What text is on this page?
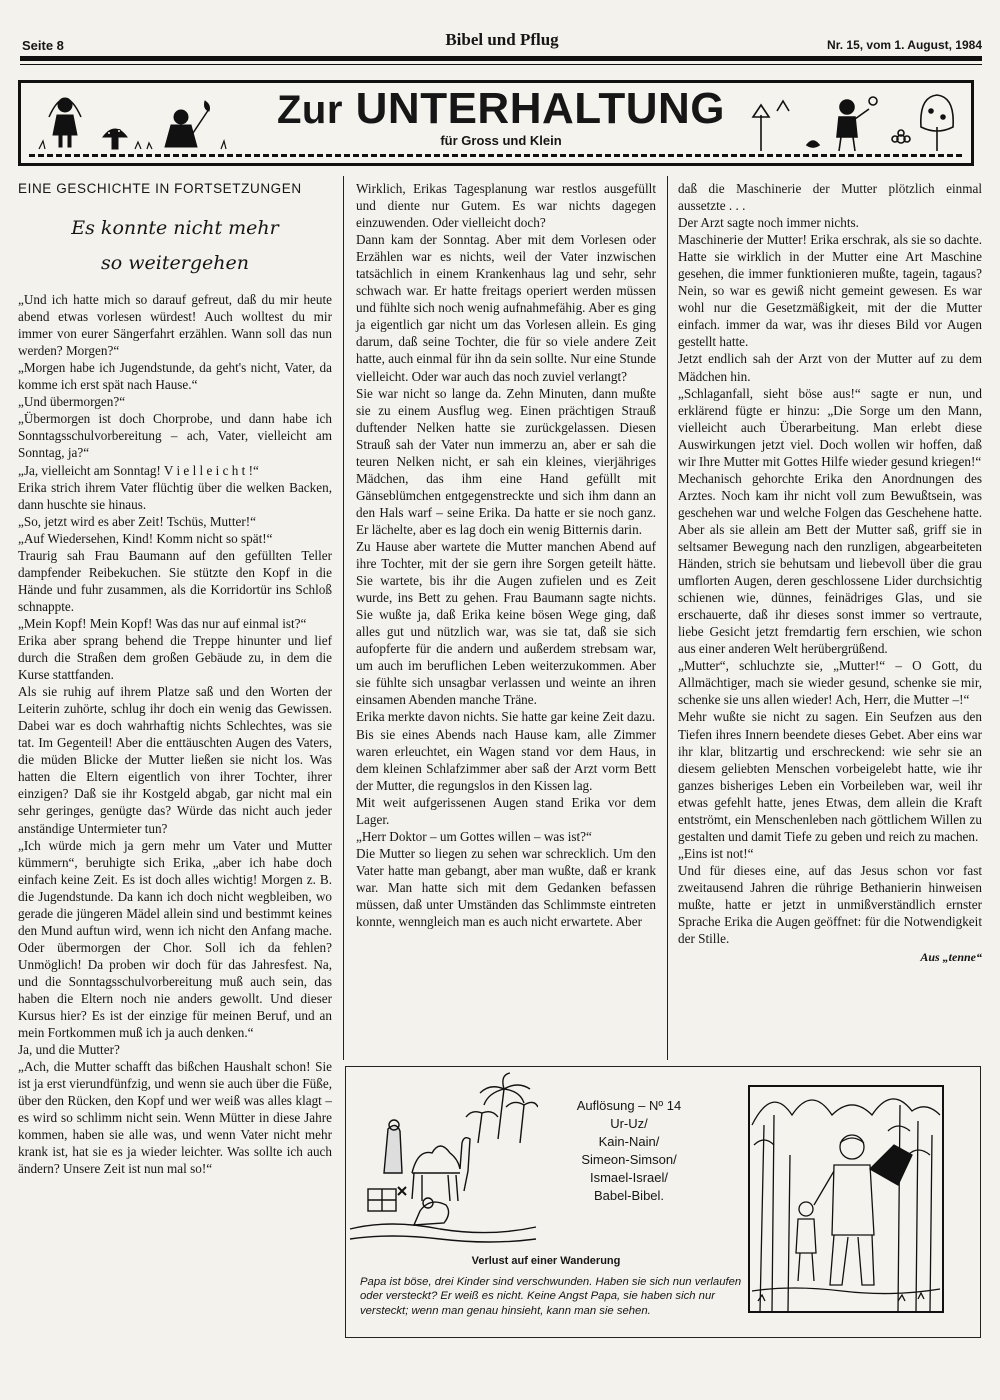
Seite 8	Bibel und Pflug	Nr. 15, vom 1. August, 1984
Zur UNTERHALTUNG
für Gross und Klein
EINE GESCHICHTE IN FORTSETZUNGEN
Es konnte nicht mehr
so weitergehen

„Und ich hatte mich so darauf gefreut, daß du mir heute abend etwas vorlesen würdest! Auch wolltest du mir immer von eurer Sängerfahrt erzählen. Wann soll das nun werden? Morgen?“

„Morgen habe ich Jugendstunde, da geht's nicht, Vater, da komme ich erst spät nach Hause.“

„Und übermorgen?“

„Übermorgen ist doch Chorprobe, und dann habe ich Sonntagsschulvorbereitung – ach, Vater, vielleicht am Sonntag, ja?“

„Ja, vielleicht am Sonntag! V i e l l e i c h t !“

Erika strich ihrem Vater flüchtig über die welken Backen, dann huschte sie hinaus.

„So, jetzt wird es aber Zeit! Tschüs, Mutter!“

„Auf Wiedersehen, Kind! Komm nicht so spät!“

Traurig sah Frau Baumann auf den gefüllten Teller dampfender Reibekuchen. Sie stützte den Kopf in die Hände und fuhr zusammen, als die Korridortür ins Schloß schnappte.

„Mein Kopf! Mein Kopf! Was das nur auf einmal ist?“

Erika aber sprang behend die Treppe hinunter und lief durch die Straßen dem großen Gebäude zu, in dem die Kurse stattfanden.

Als sie ruhig auf ihrem Platze saß und den Worten der Leiterin zuhörte, schlug ihr doch ein wenig das Gewissen. Dabei war es doch wahrhaftig nichts Schlechtes, was sie tat. Im Gegenteil! Aber die enttäuschten Augen des Vaters, die müden Blicke der Mutter ließen sie nicht los. Was hatten die Eltern eigentlich von ihrer Tochter, ihrer einzigen? Daß sie ihr Kostgeld abgab, gar nicht mal ein sehr geringes, genügte das? Würde das nicht auch jeder anständige Untermieter tun?

„Ich würde mich ja gern mehr um Vater und Mutter kümmern“, beruhigte sich Erika, „aber ich habe doch einfach keine Zeit. Es ist doch alles wichtig! Morgen z. B. die Jugendstunde. Da kann ich doch nicht wegbleiben, wo gerade die jüngeren Mädel allein sind und bestimmt keines den Mund auftun wird, wenn ich nicht den Anfang mache. Oder übermorgen der Chor. Soll ich da fehlen? Unmöglich! Da proben wir doch für das Jahresfest. Na, und die Sonntagsschulvorbereitung muß auch sein, das haben die Eltern noch nie anders gewollt. Und dieser Kursus hier? Es ist der einzige für meinen Beruf, und an mein Fortkommen muß ich ja auch denken.“

Ja, und die Mutter?

„Ach, die Mutter schafft das bißchen Haushalt schon! Sie ist ja erst vierundfünfzig, und wenn sie auch über die Füße, über den Rücken, den Kopf und wer weiß was alles klagt – es wird so schlimm nicht sein. Wenn Mütter in diese Jahre kommen, haben sie alle was, und wenn Vater nicht mehr krank ist, hat sie es ja wieder leichter. Was sollte ich auch ändern? Unsere Zeit ist nun mal so!“

Wirklich, Erikas Tagesplanung war restlos ausgefüllt und diente nur Gutem. Es war nichts dagegen einzuwenden. Oder vielleicht doch?

Dann kam der Sonntag. Aber mit dem Vorlesen oder Erzählen war es nichts, weil der Vater inzwischen tatsächlich in einem Krankenhaus lag und sehr, sehr schwach war. Er hatte freitags operiert werden müssen und fühlte sich noch wenig aufnahmefähig. Aber es ging ja eigentlich gar nicht um das Vorlesen allein. Es ging darum, daß seine Tochter, die für so viele andere Zeit hatte, auch einmal für ihn da sein sollte. Nur eine Stunde vielleicht. Oder war auch das noch zuviel verlangt?

Sie war nicht so lange da. Zehn Minuten, dann mußte sie zu einem Ausflug weg. Einen prächtigen Strauß duftender Nelken hatte sie zurückgelassen. Diesen Strauß sah der Vater nun immerzu an, aber er sah die teuren Nelken nicht, er sah ein kleines, vierjähriges Mädchen, das ihm eine Hand gefüllt mit Gänseblümchen entgegenstreckte und sich ihm dann an den Hals warf – seine Erika. Da hatte er sie noch ganz. Er lächelte, aber es lag doch ein wenig Bitternis darin.

Zu Hause aber wartete die Mutter manchen Abend auf ihre Tochter, mit der sie gern ihre Sorgen geteilt hätte. Sie wartete, bis ihr die Augen zufielen und es Zeit wurde, ins Bett zu gehen. Frau Baumann sagte nichts. Sie wußte ja, daß Erika keine bösen Wege ging, daß alles gut und nützlich war, was sie tat, daß sie sich aufopferte für die andern und außerdem strebsam war, um auch im beruflichen Leben weiterzukommen. Aber sie fühlte sich unsagbar verlassen und weinte an ihren einsamen Abenden manche Träne.

Erika merkte davon nichts. Sie hatte gar keine Zeit dazu.

Bis sie eines Abends nach Hause kam, alle Zimmer waren erleuchtet, ein Wagen stand vor dem Haus, in dem kleinen Schlafzimmer aber saß der Arzt vorm Bett der Mutter, die regungslos in den Kissen lag.

Mit weit aufgerissenen Augen stand Erika vor dem Lager.

„Herr Doktor – um Gottes willen – was ist?“

Die Mutter so liegen zu sehen war schrecklich. Um den Vater hatte man gebangt, aber man wußte, daß er krank war. Man hatte sich mit dem Gedanken befassen müssen, daß unter Umständen das Schlimmste eintreten konnte, wenngleich man es auch nicht erwartete. Aber

daß die Maschinerie der Mutter plötzlich einmal aussetzte . . .

Der Arzt sagte noch immer nichts.

Maschinerie der Mutter! Erika erschrak, als sie so dachte. Hatte sie wirklich in der Mutter eine Art Maschine gesehen, die immer funktionieren mußte, tagein, tagaus? Nein, so war es gewiß nicht gemeint gewesen. Es war wohl nur die Gesetzmäßigkeit, mit der die Mutter einfach. immer da war, was ihr dieses Bild vor Augen gestellt hatte.

Jetzt endlich sah der Arzt von der Mutter auf zu dem Mädchen hin.

„Schlaganfall, sieht böse aus!“ sagte er nun, und erklärend fügte er hinzu: „Die Sorge um den Mann, vielleicht auch Überarbeitung. Man erlebt diese Auswirkungen jetzt viel. Doch wollen wir hoffen, daß wir Ihre Mutter mit Gottes Hilfe wieder gesund kriegen!“

Mechanisch gehorchte Erika den Anordnungen des Arztes. Noch kam ihr nicht voll zum Bewußtsein, was geschehen war und welche Folgen das Geschehene hatte. Aber als sie allein am Bett der Mutter saß, griff sie in seltsamer Bewegung nach den runzligen, abgearbeiteten Händen, strich sie behutsam und liebevoll über die grau umflorten Augen, deren geschlossene Lider durchsichtig schienen wie, dünnes, feinädriges Glas, und sie erschauerte, daß ihr dieses sonst immer so vertraute, liebe Gesicht jetzt fremdartig fern erschien, wie schon aus einer anderen Welt herübergrüßend.

„Mutter“, schluchzte sie, „Mutter!“ – O Gott, du Allmächtiger, mach sie wieder gesund, schenke sie mir, schenke sie uns allen wieder! Ach, Herr, die Mutter –!“

Mehr wußte sie nicht zu sagen. Ein Seufzen aus den Tiefen ihres Innern beendete dieses Gebet. Aber eins war ihr klar, blitzartig und erschreckend: wie sehr sie an diesem geliebten Menschen vorbeigelebt hatte, wie ihr ganzes bisheriges Leben ein Vorbeileben war, weil ihr etwas gefehlt hatte, jenes Etwas, dem allein die Kraft entströmt, ein Menschenleben nach göttlichem Willen zu gestalten und damit Tiefe zu geben und reich zu machen.

„Eins ist not!“

Und für dieses eine, auf das Jesus schon vor fast zweitausend Jahren die rührige Bethanierin hinweisen mußte, hatte er jetzt in unmißverständlich ernster Sprache Erika die Augen geöffnet: für die Notwendigkeit der Stille.

Aus „tenne“
Auflösung – Nº 14
Ur-Uz/
Kain-Nain/
Simeon-Simson/
Ismael-Israel/
Babel-Bibel.
Verlust auf einer Wanderung
Papa ist böse, drei Kinder sind verschwunden. Haben sie sich nun verlaufen oder versteckt? Er weiß es nicht. Keine Angst Papa, sie haben sich nur versteckt; wenn man genau hinsieht, kann man sie sehen.
